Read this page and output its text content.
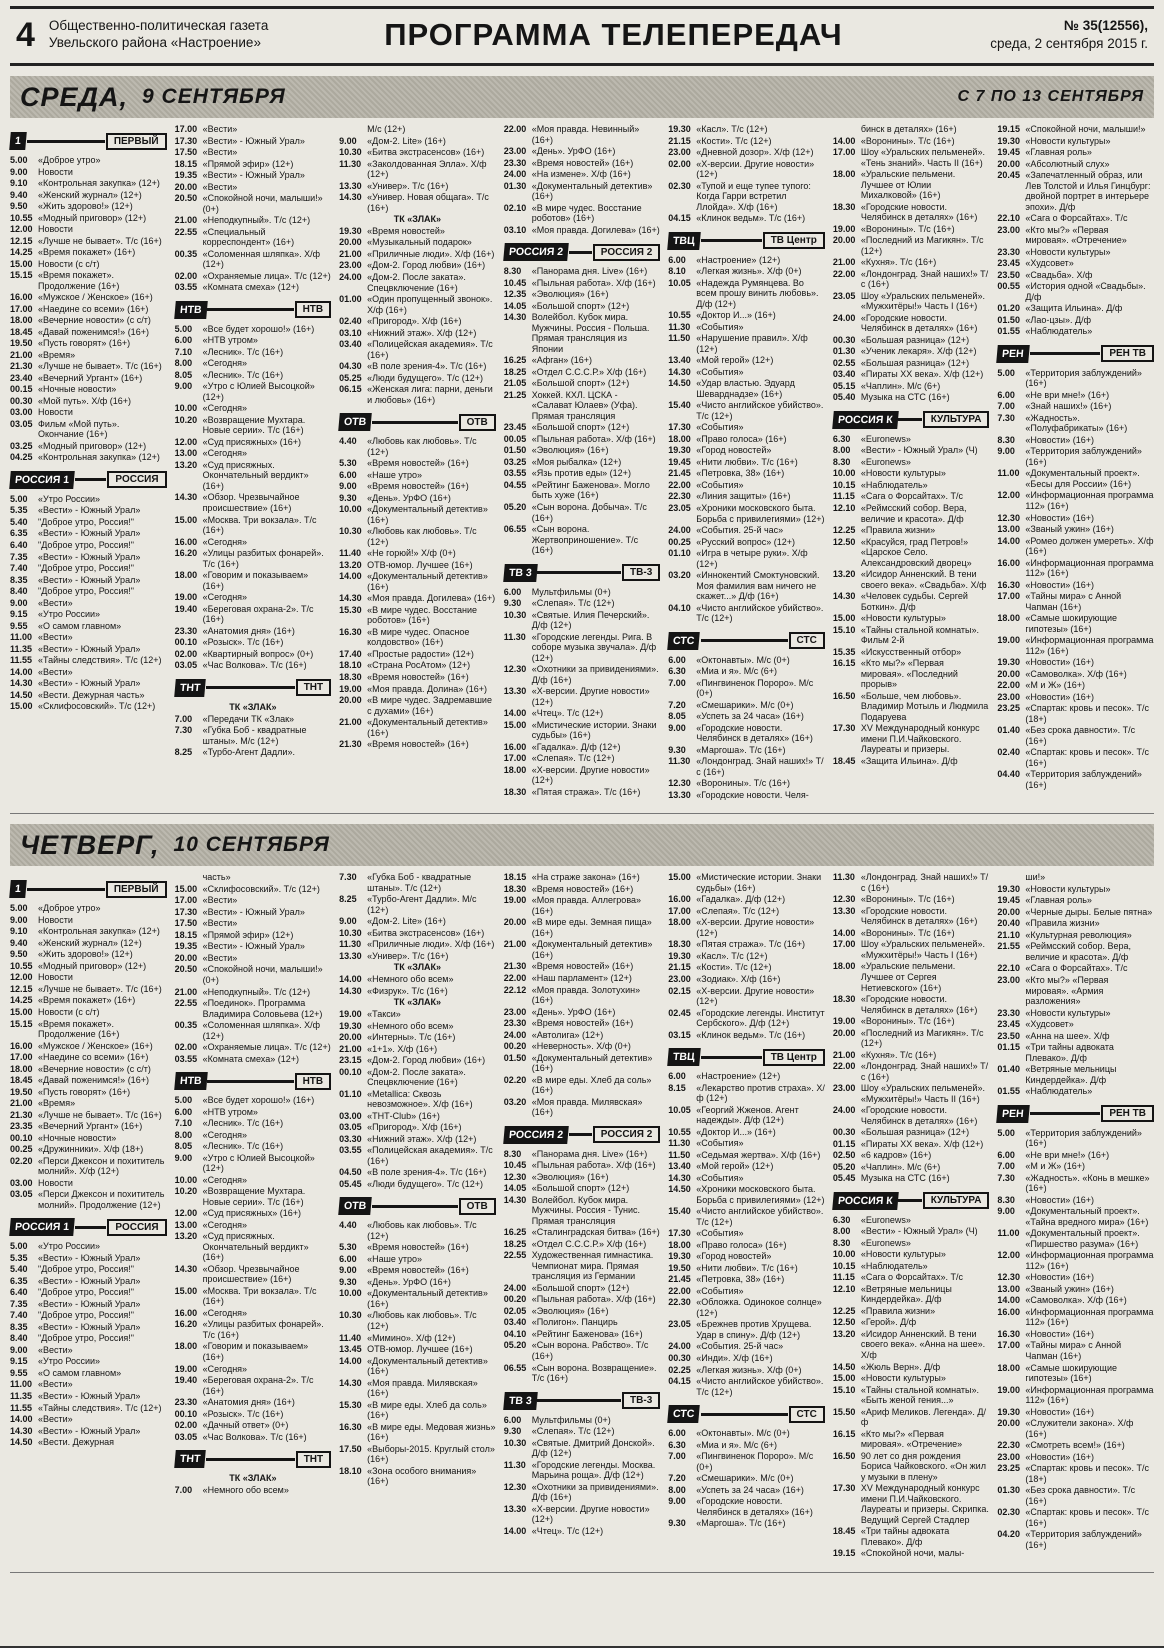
4 Общественно-политическая газета
Увельского района «Настроение»	ПРОГРАММА ТЕЛЕПЕРЕДАЧ	№ 35(12556),
среда, 2 сентября 2015 г.
СРЕДА, 9 СЕНТЯБРЯ	С 7 ПО 13 СЕНТЯБРЯ
1	ПЕРВЫЙ
5.00	«Доброе утро»
9.00	Новости
9.10	«Контрольная закупка» (12+)
9.40	«Женский журнал» (12+)
9.50	«Жить здорово!» (12+)
10.55 «Модный приговор» (12+)
12.00 Новости
12.15 «Лучше не бывает». Т/с (16+)
14.25 «Время покажет» (16+)
15.00 Новости (с с/т)
15.15 «Время покажет». Продолжение (16+)
16.00 «Мужское / Женское» (16+)
17.00 «Наедине со всеми» (16+)
18.00 «Вечерние новости» (с с/т)
18.45 «Давай поженимся!» (16+)
19.50 «Пусть говорят» (16+)
21.00 «Время»
21.30 «Лучше не бывает». Т/с (16+)
23.40 «Вечерний Ургант» (16+)
00.15 «Ночные новости»
00.30 «Мой путь». Х/ф (16+)
03.00 Новости
03.05 Фильм «Мой путь». Окончание (16+)
03.25 «Модный приговор» (12+)
04.25 «Контрольная закупка» (12+)
РОССИЯ 1	РОССИЯ
5.00	«Утро России»
5.35	«Вести» - Южный Урал»
5.40	"Доброе утро, Россия!"
6.35	«Вести» - Южный Урал»
6.40	"Доброе утро, Россия!"
7.35	«Вести» - Южный Урал»
7.40	"Доброе утро, Россия!"
8.35	«Вести» - Южный Урал»
8.40	"Доброе утро, Россия!"
9.00	«Вести»
9.15	«Утро России»
9.55	«О самом главном»
11.00 «Вести»
11.35 «Вести» - Южный Урал»
11.55 «Тайны следствия». Т/с (12+)
14.00 «Вести»
14.30 «Вести» - Южный Урал»
14.50 «Вести. Дежурная часть»
15.00 «Склифосовский». Т/с (12+)
17.00 «Вести»
17.30 «Вести» - Южный Урал»
17.50 «Вести»
18.15 «Прямой эфир» (12+)
19.35 «Вести» - Южный Урал»
20.00 «Вести»
20.50 «Спокойной ночи, малыши!» (0+)
21.00 «Неподкупный». Т/с (12+)
22.55 «Специальный корреспондент» (16+)
00.35 «Соломенная шляпка». Х/ф (12+)
02.00 «Охраняемые лица». Т/с (12+)
03.55 «Комната смеха» (12+)
НТВ	НТВ
5.00	«Все будет хорошо!» (16+)
6.00	«НТВ утром»
7.10	«Лесник». Т/с (16+)
8.00	«Сегодня»
8.05	«Лесник». Т/с (16+)
9.00	«Утро с Юлией Высоцкой» (12+)
10.00 «Сегодня»
10.20 «Возвращение Мухтара. Новые серии». Т/с (16+)
12.00 «Суд присяжных» (16+)
13.00 «Сегодня»
13.20 «Суд присяжных. Окончательный вердикт» (16+)
14.30 «Обзор. Чрезвычайное происшествие» (16+)
15.00 «Москва. Три вокзала». Т/с (16+)
16.00 «Сегодня»
16.20 «Улицы разбитых фонарей». Т/с (16+)
18.00 «Говорим и показываем» (16+)
19.00 «Сегодня»
19.40 «Береговая охрана-2». Т/с (16+)
23.30 «Анатомия дня» (16+)
00.10 «Розыск». Т/с (16+)
02.00 «Квартирный вопрос» (0+)
03.05 «Час Волкова». Т/с (16+)
ТНТ	ТНТ
ТК «ЗЛАК»
7.00	«Передачи ТК «Злак»
7.30	«Губка Боб - квадратные штаны». М/с (12+)
8.25	«Турбо-Агент Дадли».
М/с (12+)
9.00	«Дом-2. Lite» (16+)
10.30 «Битва экстрасенсов» (16+)
11.30 «Заколдованная Элла». Х/ф (12+)
13.30 «Универ». Т/с (16+)
14.30 «Универ. Новая общага». Т/с (16+)
ТК «ЗЛАК»
19.30 «Время новостей»
20.00 «Музыкальный подарок»
21.00 «Приличные люди». Х/ф (16+)
23.00 «Дом-2. Город любви» (16+)
24.00 «Дом-2. После заката». Спецвключение (16+)
01.00 «Один пропущенный звонок». Х/ф (16+)
02.40 «Пригород». Х/ф (16+)
03.10 «Нижний этаж». Х/ф (12+)
03.40 «Полицейская академия». Т/с (16+)
04.30 «В поле зрения-4». Т/с (16+)
05.25 «Люди будущего». Т/с (12+)
06.15 «Женская лига: парни, деньги и любовь» (16+)
ОТВ	ОТВ
4.40	«Любовь как любовь». Т/с (12+)
5.30	«Время новостей» (16+)
6.00	«Наше утро»
9.00	«Время новостей» (16+)
9.30	«День». УрФО (16+)
10.00 «Документальный детектив» (16+)
10.30 «Любовь как любовь». Т/с (12+)
11.40 «Не горюй!» Х/ф (0+)
13.20 ОТВ-юмор. Лучшее (16+)
14.00 «Документальный детектив» (16+)
14.30 «Моя правда. Догилева» (16+)
15.30 «В мире чудес. Восстание роботов» (16+)
16.30 «В мире чудес. Опасное колдовство» (16+)
17.40 «Простые радости» (12+)
18.10 «Страна РосАтом» (12+)
18.30 «Время новостей» (16+)
19.00 «Моя правда. Долина» (16+)
20.00 «В мире чудес. Задремавшие с духами» (16+)
21.00 «Документальный детектив» (16+)
21.30 «Время новостей» (16+)
22.00 «Моя правда. Невинный» (16+)
23.00 «День». УрФО (16+)
23.30 «Время новостей» (16+)
24.00 «На измене». Х/ф (16+)
01.30 «Документальный детектив» (16+)
02.10 «В мире чудес. Восстание роботов» (16+)
03.10 «Моя правда. Догилева» (16+)
РОССИЯ 2	РОССИЯ 2
8.30	«Панорама дня. Live» (16+)
10.45 «Пыльная работа». Х/ф (16+)
12.35 «Эволюция» (16+)
14.05 «Большой спорт» (12+)
14.30 Волейбол. Кубок мира. Мужчины. Россия - Польша. Прямая трансляция из Японии
16.25 «Афган» (16+)
18.25 «Отдел С.С.С.Р.» Х/ф (16+)
21.05 «Большой спорт» (12+)
21.25 Хоккей. КХЛ. ЦСКА - «Салават Юлаев» (Уфа). Прямая трансляция
23.45 «Большой спорт» (12+)
00.05 «Пыльная работа». Х/ф (16+)
01.50 «Эволюция» (16+)
03.25 «Моя рыбалка» (12+)
03.55 «Язь против еды» (12+)
04.55 «Рейтинг Баженова». Могло быть хуже (16+)
05.20 «Сын ворона. Добыча». Т/с (16+)
06.55 «Сын ворона. Жертвоприношение». Т/с (16+)
ТВ 3	ТВ-3
6.00	Мультфильмы (0+)
9.30	«Слепая». Т/с (12+)
10.30 «Святые. Илия Печерский». Д/ф (12+)
11.30 «Городские легенды. Рига. В соборе музыка звучала». Д/ф (12+)
12.30 «Охотники за привидениями». Д/ф (16+)
13.30 «Х-версии. Другие новости» (12+)
14.00 «Чтец». Т/с (12+)
15.00 «Мистические истории. Знаки судьбы» (16+)
16.00 «Гадалка». Д/ф (12+)
17.00 «Слепая». Т/с (12+)
18.00 «Х-версии. Другие новости» (12+)
18.30 «Пятая стража». Т/с (16+)
19.30 «Касл». Т/с (12+)
21.15 «Кости». Т/с (12+)
23.00 «Дневной дозор». Х/ф (12+)
02.00 «Х-версии. Другие новости» (12+)
02.30 «Тупой и еще тупее тупого: Когда Гарри встретил Ллойда». Х/ф (16+)
04.15 «Клинок ведьм». Т/с (16+)
ТВЦ	ТВ Центр
6.00	«Настроение» (12+)
8.10	«Легкая жизнь». Х/ф (0+)
10.05 «Надежда Румянцева. Во всем прошу винить любовь». Д/ф (12+)
10.55 «Доктор И...» (16+)
11.30 «События»
11.50 «Нарушение правил». Х/ф (12+)
13.40 «Мой герой» (12+)
14.30 «События»
14.50 «Удар властью. Эдуард Шеварднадзе» (16+)
15.40 «Чисто английское убийство». Т/с (12+)
17.30 «События»
18.00 «Право голоса» (16+)
19.30 «Город новостей»
19.45 «Нити любви». Т/с (16+)
21.45 «Петровка, 38» (16+)
22.00 «События»
22.30 «Линия защиты» (16+)
23.05 «Хроники московского быта. Борьба с привилегиями» (12+)
24.00 «События. 25-й час»
00.25 «Русский вопрос» (12+)
01.10 «Игра в четыре руки». Х/ф (12+)
03.20 «Иннокентий Смоктуновский. Моя фамилия вам ничего не скажет...» Д/ф (16+)
04.10 «Чисто английское убийство». Т/с (12+)
СТС	СТС
6.00	«Октонавты». М/с (0+)
6.30	«Миа и я». М/с (6+)
7.00	«Пингвиненок Пороро». М/с (0+)
7.20	«Смешарики». М/с (0+)
8.05	«Успеть за 24 часа» (16+)
9.00	«Городские новости. Челябинск в деталях» (16+)
9.30	«Маргоша». Т/с (16+)
11.30 «Лондонград. Знай наших!» Т/с (16+)
12.30 «Воронины». Т/с (16+)
13.30 «Городские новости. Челя-
бинск в деталях» (16+)
14.00 «Воронины». Т/с (16+)
17.00 Шоу «Уральских пельменей». «Тень знаний». Часть II (16+)
18.00 «Уральские пельмени. Лучшее от Юлии Михалковой» (16+)
18.30 «Городские новости. Челябинск в деталях» (16+)
19.00 «Воронины». Т/с (16+)
20.00 «Последний из Магикян». Т/с (12+)
21.00 «Кухня». Т/с (16+)
22.00 «Лондонград. Знай наших!» Т/с (16+)
23.05 Шоу «Уральских пельменей». «Мужхитёры!» Часть I (16+)
24.00 «Городские новости. Челябинск в деталях» (16+)
00.30 «Большая разница» (12+)
01.30 «Ученик лекаря». Х/ф (12+)
02.55 «Большая разница» (12+)
03.40 «Пираты XX века». Х/ф (12+)
05.15 «Чаплин». М/с (6+)
05.40 Музыка на СТС (16+)
РОССИЯ К	КУЛЬТУРА
6.30	«Euronews»
8.00	«Вести» - Южный Урал» (Ч)
8.30	«Euronews»
10.00 «Новости культуры»
10.15 «Наблюдатель»
11.15 «Сага о Форсайтах». Т/с
12.10 «Реймсский собор. Вера, величие и красота». Д/ф
12.25 «Правила жизни»
12.50 «Красуйся, град Петров!» «Царское Село. Александровский дворец»
13.20 «Исидор Анненский. В тени своего века». «Свадьба». Х/ф
14.30 «Человек судьбы. Сергей Боткин». Д/ф
15.00 «Новости культуры»
15.10 «Тайны стальной комнаты». Фильм 2-й
15.35 «Искусственный отбор»
16.15 «Кто мы?» «Первая мировая». «Последний прорыв»
16.50 «Больше, чем любовь». Владимир Мотыль и Людмила Подаруева
17.30 XV Международный конкурс имени П.И.Чайковского. Лауреаты и призеры.
18.45 «Защита Ильина». Д/ф
19.15 «Спокойной ночи, малыши!»
19.30 «Новости культуры»
19.45 «Главная роль»
20.00 «Абсолютный слух»
20.45 «Запечатленный образ, или Лев Толстой и Илья Гинцбург: двойной портрет в интерьере эпохи». Д/ф
22.10 «Сага о Форсайтах». Т/с
23.00 «Кто мы?» «Первая мировая». «Отречение»
23.30 «Новости культуры»
23.45 «Худсовет»
23.50 «Свадьба». Х/ф
00.55 «История одной «Свадьбы». Д/ф
01.20 «Защита Ильина». Д/ф
01.50 «Лао-цзы». Д/ф
01.55 «Наблюдатель»
РЕН	РЕН ТВ
5.00	«Территория заблуждений» (16+)
6.00	«Не ври мне!» (16+)
7.00	«Знай наших!» (16+)
7.30	«Жадность». «Полуфабрикаты» (16+)
8.30	«Новости» (16+)
9.00	«Территория заблуждений» (16+)
11.00 «Документальный проект». «Бесы для России» (16+)
12.00 «Информационная программа 112» (16+)
12.30 «Новости» (16+)
13.00 «Званый ужин» (16+)
14.00 «Ромео должен умереть». Х/ф (16+)
16.00 «Информационная программа 112» (16+)
16.30 «Новости» (16+)
17.00 «Тайны мира» с Анной Чапман (16+)
18.00 «Самые шокирующие гипотезы» (16+)
19.00 «Информационная программа 112» (16+)
19.30 «Новости» (16+)
20.00 «Самоволка». Х/ф (16+)
22.00 «М и Ж» (16+)
23.00 «Новости» (16+)
23.25 «Спартак: кровь и песок». Т/с (18+)
01.40 «Без срока давности». Т/с (16+)
02.40 «Спартак: кровь и песок». Т/с (16+)
04.40 «Территория заблуждений» (16+)
ЧЕТВЕРГ, 10 СЕНТЯБРЯ
1	ПЕРВЫЙ
5.00	«Доброе утро»
9.00	Новости
9.10	«Контрольная закупка» (12+)
9.40	«Женский журнал» (12+)
9.50	«Жить здорово!» (12+)
10.55 «Модный приговор» (12+)
12.00 Новости
12.15 «Лучше не бывает». Т/с (16+)
14.25 «Время покажет» (16+)
15.00 Новости (с с/т)
15.15 «Время покажет». Продолжение (16+)
16.00 «Мужское / Женское» (16+)
17.00 «Наедине со всеми» (16+)
18.00 «Вечерние новости» (с с/т)
18.45 «Давай поженимся!» (16+)
19.50 «Пусть говорят» (16+)
21.00 «Время»
21.30 «Лучше не бывает». Т/с (16+)
23.35 «Вечерний Ургант» (16+)
00.10 «Ночные новости»
00.25 «Дружинники». Х/ф (18+)
02.20 «Перси Джексон и похититель молний». Х/ф (12+)
03.00 Новости
03.05 «Перси Джексон и похититель молний». Продолжение (12+)
РОССИЯ 1	РОССИЯ
5.00	«Утро России»
5.35	«Вести» - Южный Урал»
5.40	"Доброе утро, Россия!"
6.35	«Вести» - Южный Урал»
6.40	"Доброе утро, Россия!"
7.35	«Вести» - Южный Урал»
7.40	"Доброе утро, Россия!"
8.35	«Вести» - Южный Урал»
8.40	"Доброе утро, Россия!"
9.00	«Вести»
9.15	«Утро России»
9.55	«О самом главном»
11.00 «Вести»
11.35 «Вести» - Южный Урал»
11.55 «Тайны следствия». Т/с (12+)
14.00 «Вести»
14.30 «Вести» - Южный Урал»
14.50 «Вести. Дежурная
часть»
15.00 «Склифосовский». Т/с (12+)
17.00 «Вести»
17.30 «Вести» - Южный Урал»
17.50 «Вести»
18.15 «Прямой эфир» (12+)
19.35 «Вести» - Южный Урал»
20.00 «Вести»
20.50 «Спокойной ночи, малыши!» (0+)
21.00 «Неподкупный». Т/с (12+)
22.55 «Поединок». Программа Владимира Соловьева (12+)
00.35 «Соломенная шляпка». Х/ф (12+)
02.00 «Охраняемые лица». Т/с (12+)
03.55 «Комната смеха» (12+)
НТВ	НТВ
5.00	«Все будет хорошо!» (16+)
6.00	«НТВ утром»
7.10	«Лесник». Т/с (16+)
8.00	«Сегодня»
8.05	«Лесник». Т/с (16+)
9.00	«Утро с Юлией Высоцкой» (12+)
10.00 «Сегодня»
10.20 «Возвращение Мухтара. Новые серии». Т/с (16+)
12.00 «Суд присяжных» (16+)
13.00 «Сегодня»
13.20 «Суд присяжных. Окончательный вердикт» (16+)
14.30 «Обзор. Чрезвычайное происшествие» (16+)
15.00 «Москва. Три вокзала». Т/с (16+)
16.00 «Сегодня»
16.20 «Улицы разбитых фонарей». Т/с (16+)
18.00 «Говорим и показываем» (16+)
19.00 «Сегодня»
19.40 «Береговая охрана-2». Т/с (16+)
23.30 «Анатомия дня» (16+)
00.10 «Розыск». Т/с (16+)
02.00 «Дачный ответ» (0+)
03.05 «Час Волкова». Т/с (16+)
ТНТ	ТНТ
ТК «ЗЛАК»
7.00	«Немного обо всем»
7.30	«Губка Боб - квадратные штаны». Т/с (12+)
8.25	«Турбо-Агент Дадли». М/с (12+)
9.00	«Дом-2. Lite» (16+)
10.30 «Битва экстрасенсов» (16+)
11.30 «Приличные люди». Х/ф (16+)
13.30 «Универ». Т/с (16+)
ТК «ЗЛАК»
14.00 «Немного обо всем»
14.30 «Физрук». Т/с (16+)
ТК «ЗЛАК»
19.00 «Такси»
19.30 «Немного обо всем»
20.00 «Интерны». Т/с (16+)
21.00 «1+1». Х/ф (16+)
23.15 «Дом-2. Город любви» (16+)
00.10 «Дом-2. После заката». Спецвключение (16+)
01.10 «Metallica: Сквозь невозможное». Х/ф (16+)
03.00 «ТНТ-Club» (16+)
03.05 «Пригород». Х/ф (16+)
03.30 «Нижний этаж». Х/ф (12+)
03.55 «Полицейская академия». Т/с (16+)
04.50 «В поле зрения-4». Т/с (16+)
05.45 «Люди будущего». Т/с (12+)
ОТВ	ОТВ
4.40	«Любовь как любовь». Т/с (12+)
5.30	«Время новостей» (16+)
6.00	«Наше утро»
9.00	«Время новостей» (16+)
9.30	«День». УрФО (16+)
10.00 «Документальный детектив» (16+)
10.30 «Любовь как любовь». Т/с (12+)
11.40 «Мимино». Х/ф (12+)
13.45 ОТВ-юмор. Лучшее (16+)
14.00 «Документальный детектив» (16+)
14.30 «Моя правда. Милявская» (16+)
15.30 «В мире еды. Хлеб да соль» (16+)
16.30 «В мире еды. Медовая жизнь» (16+)
17.50 «Выборы-2015. Круглый стол» (16+)
18.10 «Зона особого внимания» (16+)
18.15 «На страже закона» (16+)
18.30 «Время новостей» (16+)
19.00 «Моя правда. Аллегрова» (16+)
20.00 «В мире еды. Земная пища» (16+)
21.00 «Документальный детектив» (16+)
21.30 «Время новостей» (16+)
22.00 «Наш парламент» (12+)
22.12 «Моя правда. Золотухин» (16+)
23.00 «День». УрФО (16+)
23.30 «Время новостей» (16+)
24.00 «Автолига» (12+)
00.20 «Неверность». Х/ф (0+)
01.50 «Документальный детектив» (16+)
02.20 «В мире еды. Хлеб да соль» (16+)
03.20 «Моя правда. Милявская» (16+)
РОССИЯ 2	РОССИЯ 2
8.30	«Панорама дня. Live» (16+)
10.45 «Пыльная работа». Х/ф (16+)
12.30 «Эволюция» (16+)
14.05 «Большой спорт» (12+)
14.30 Волейбол. Кубок мира. Мужчины. Россия - Тунис. Прямая трансляция
16.25 «Сталинградская битва» (16+)
18.25 «Отдел С.С.С.Р.» Х/ф (16+)
22.55 Художественная гимнастика. Чемпионат мира. Прямая трансляция из Германии
24.00 «Большой спорт» (12+)
00.20 «Пыльная работа». Х/ф (16+)
02.05 «Эволюция» (16+)
03.40 «Полигон». Панцирь
04.10 «Рейтинг Баженова» (16+)
05.20 «Сын ворона. Рабство». Т/с (16+)
06.55 «Сын ворона. Возвращение». Т/с (16+)
ТВ 3	ТВ-3
6.00	Мультфильмы (0+)
9.30	«Слепая». Т/с (12+)
10.30 «Святые. Дмитрий Донской». Д/ф (12+)
11.30 «Городские легенды. Москва. Марьина роща». Д/ф (12+)
12.30 «Охотники за привидениями». Д/ф (16+)
13.30 «Х-версии. Другие новости» (12+)
14.00 «Чтец». Т/с (12+)
15.00 «Мистические истории. Знаки судьбы» (16+)
16.00 «Гадалка». Д/ф (12+)
17.00 «Слепая». Т/с (12+)
18.00 «Х-версии. Другие новости» (12+)
18.30 «Пятая стража». Т/с (16+)
19.30 «Касл». Т/с (12+)
21.15 «Кости». Т/с (12+)
23.00 «Зодиак». Х/ф (16+)
02.15 «Х-версии. Другие новости» (12+)
02.45 «Городские легенды. Институт Сербского». Д/ф (12+)
03.15 «Клинок ведьм». Т/с (16+)
ТВЦ	ТВ Центр
6.00	«Настроение» (12+)
8.15	«Лекарство против страха». Х/ф (12+)
10.05 «Георгий Жженов. Агент надежды». Д/ф (12+)
10.55 «Доктор И...» (16+)
11.30 «События»
11.50 «Седьмая жертва». Х/ф (16+)
13.40 «Мой герой» (12+)
14.30 «События»
14.50 «Хроники московского быта. Борьба с привилегиями» (12+)
15.40 «Чисто английское убийство». Т/с (12+)
17.30 «События»
18.00 «Право голоса» (16+)
19.30 «Город новостей»
19.50 «Нити любви». Т/с (16+)
21.45 «Петровка, 38» (16+)
22.00 «События»
22.30 «Обложка. Одинокое солнце» (12+)
23.05 «Брежнев против Хрущева. Удар в спину». Д/ф (12+)
24.00 «События. 25-й час»
00.30 «Инди». Х/ф (16+)
02.25 «Легкая жизнь». Х/ф (0+)
04.15 «Чисто английское убийство». Т/с (12+)
СТС	СТС
6.00	«Октонавты». М/с (0+)
6.30	«Миа и я». М/с (6+)
7.00	«Пингвиненок Пороро». М/с (0+)
7.20	«Смешарики». М/с (0+)
8.00	«Успеть за 24 часа» (16+)
9.00	«Городские новости. Челябинск в деталях» (16+)
9.30	«Маргоша». Т/с (16+)
11.30 «Лондонград. Знай наших!» Т/с (16+)
12.30 «Воронины». Т/с (16+)
13.30 «Городские новости. Челябинск в деталях» (16+)
14.00 «Воронины». Т/с (16+)
17.00 Шоу «Уральских пельменей». «Мужхитёры!» Часть I (16+)
18.00 «Уральские пельмени. Лучшее от Сергея Нетиевского» (16+)
18.30 «Городские новости. Челябинск в деталях» (16+)
19.00 «Воронины». Т/с (16+)
20.00 «Последний из Магикян». Т/с (12+)
21.00 «Кухня». Т/с (16+)
22.00 «Лондонград. Знай наших!» Т/с (16+)
23.00 Шоу «Уральских пельменей». «Мужхитёры!» Часть II (16+)
24.00 «Городские новости. Челябинск в деталях» (16+)
00.30 «Большая разница» (12+)
01.15 «Пираты XX века». Х/ф (12+)
02.50 «6 кадров» (16+)
05.20 «Чаплин». М/с (6+)
05.45 Музыка на СТС (16+)
РОССИЯ К	КУЛЬТУРА
6.30	«Euronews»
8.00	«Вести» - Южный Урал» (Ч)
8.30	«Euronews»
10.00 «Новости культуры»
10.15 «Наблюдатель»
11.15 «Сага о Форсайтах». Т/с
12.10 «Ветряные мельницы Киндердейка». Д/ф
12.25 «Правила жизни»
12.50 «Герой». Д/ф
13.20 «Исидор Анненский. В тени своего века». «Анна на шее». Х/ф
14.50 «Жюль Верн». Д/ф
15.00 «Новости культуры»
15.10 «Тайны стальной комнаты». «Быть женой гения...»
15.50 «Ариф Меликов. Легенда». Д/ф
16.15 «Кто мы?» «Первая мировая». «Отречение»
16.50 90 лет со дня рождения Бориса Чайковского. «Он жил у музыки в плену»
17.30 XV Международный конкурс имени П.И.Чайковского. Лауреаты и призеры. Скрипка. Ведущий Сергей Стадлер
18.45 «Три тайны адвоката Плевако». Д/ф
19.15 «Спокойной ночи, малы-
ши!»
19.30 «Новости культуры»
19.45 «Главная роль»
20.00 «Черные дыры. Белые пятна»
20.40 «Правила жизни»
21.10 «Культурная революция»
21.55 «Реймсский собор. Вера, величие и красота». Д/ф
22.10 «Сага о Форсайтах». Т/с
23.00 «Кто мы?» «Первая мировая». «Армия разложения»
23.30 «Новости культуры»
23.45 «Худсовет»
23.50 «Анна на шее». Х/ф
01.15 «Три тайны адвоката Плевако». Д/ф
01.40 «Ветряные мельницы Киндердейка». Д/ф
01.55 «Наблюдатель»
РЕН	РЕН ТВ
5.00	«Территория заблуждений» (16+)
6.00	«Не ври мне!» (16+)
7.00	«М и Ж» (16+)
7.30	«Жадность». «Конь в мешке» (16+)
8.30	«Новости» (16+)
9.00	«Документальный проект». «Тайна вредного мира» (16+)
11.00 «Документальный проект». «Пиршество разума» (16+)
12.00 «Информационная программа 112» (16+)
12.30 «Новости» (16+)
13.00 «Званый ужин» (16+)
14.00 «Самоволка». Х/ф (16+)
16.00 «Информационная программа 112» (16+)
16.30 «Новости» (16+)
17.00 «Тайны мира» с Анной Чапман (16+)
18.00 «Самые шокирующие гипотезы» (16+)
19.00 «Информационная программа 112» (16+)
19.30 «Новости» (16+)
20.00 «Служители закона». Х/ф (16+)
22.30 «Смотреть всем!» (16+)
23.00 «Новости» (16+)
23.25 «Спартак: кровь и песок». Т/с (18+)
01.30 «Без срока давности». Т/с (16+)
02.30 «Спартак: кровь и песок». Т/с (16+)
04.20 «Территория заблуждений» (16+)
